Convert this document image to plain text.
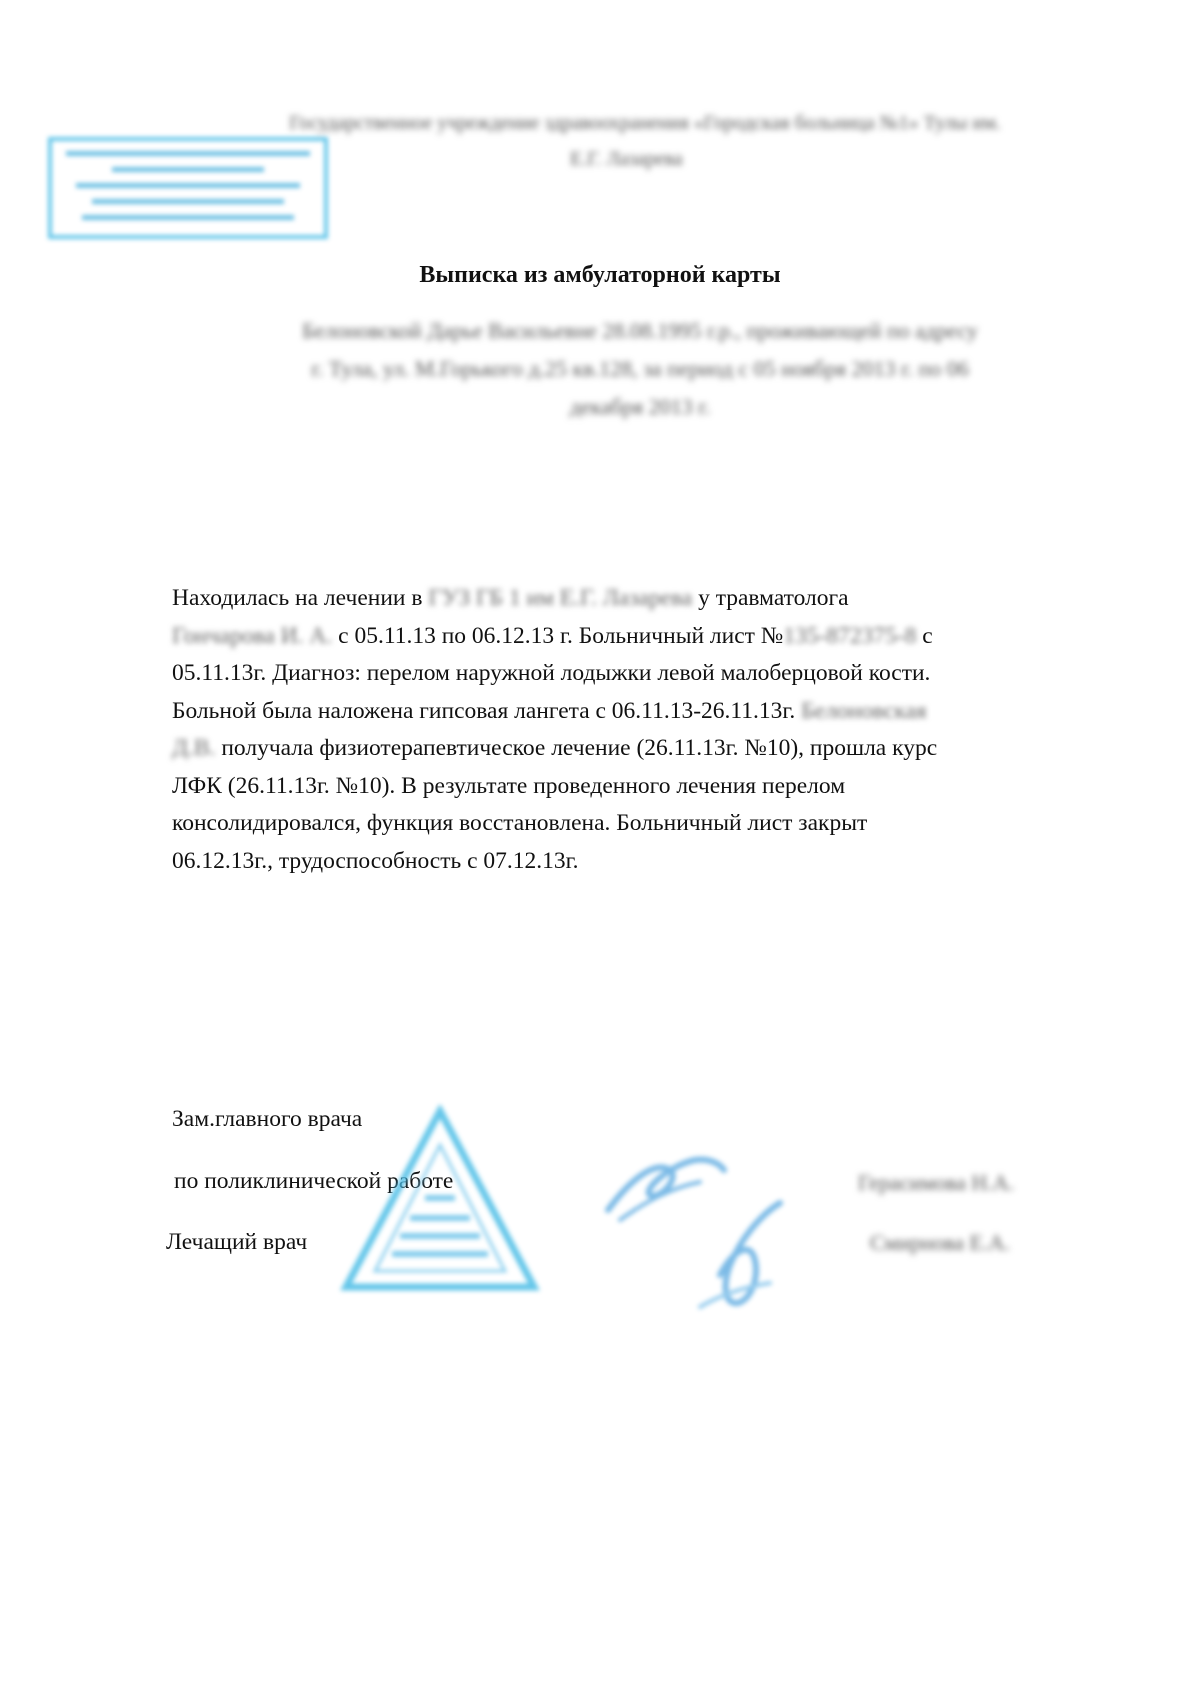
Государственное учреждение здравоохранения «Городская больница №1» Тулы им.
Е.Г. Лазарева
Выписка из амбулаторной карты
Белоновской Дарье Васильевне 28.08.1995 г.р., проживающей по адресу
г. Тула, ул. М.Горького д.25 кв.128, за период с 05 ноября 2013 г. по 06
декабря 2013 г.
Находилась на лечении в ГУЗ ГБ 1 им Е.Г. Лазарева у травматолога
Гончарова И. А. с 05.11.13 по 06.12.13 г. Больничный лист №135-872375-8 с
05.11.13г. Диагноз: перелом наружной лодыжки левой малоберцовой кости.
Больной была наложена гипсовая лангета с 06.11.13-26.11.13г. Белоновская
Д.В. получала физиотерапевтическое лечение (26.11.13г. №10), прошла курс
ЛФК (26.11.13г. №10). В результате проведенного лечения перелом
консолидировался, функция восстановлена. Больничный лист закрыт
06.12.13г., трудоспособность с 07.12.13г.
Зам.главного врача
по поликлинической работе
Лечащий врач
Герасимова Н.А.
Смирнова Е.А.
